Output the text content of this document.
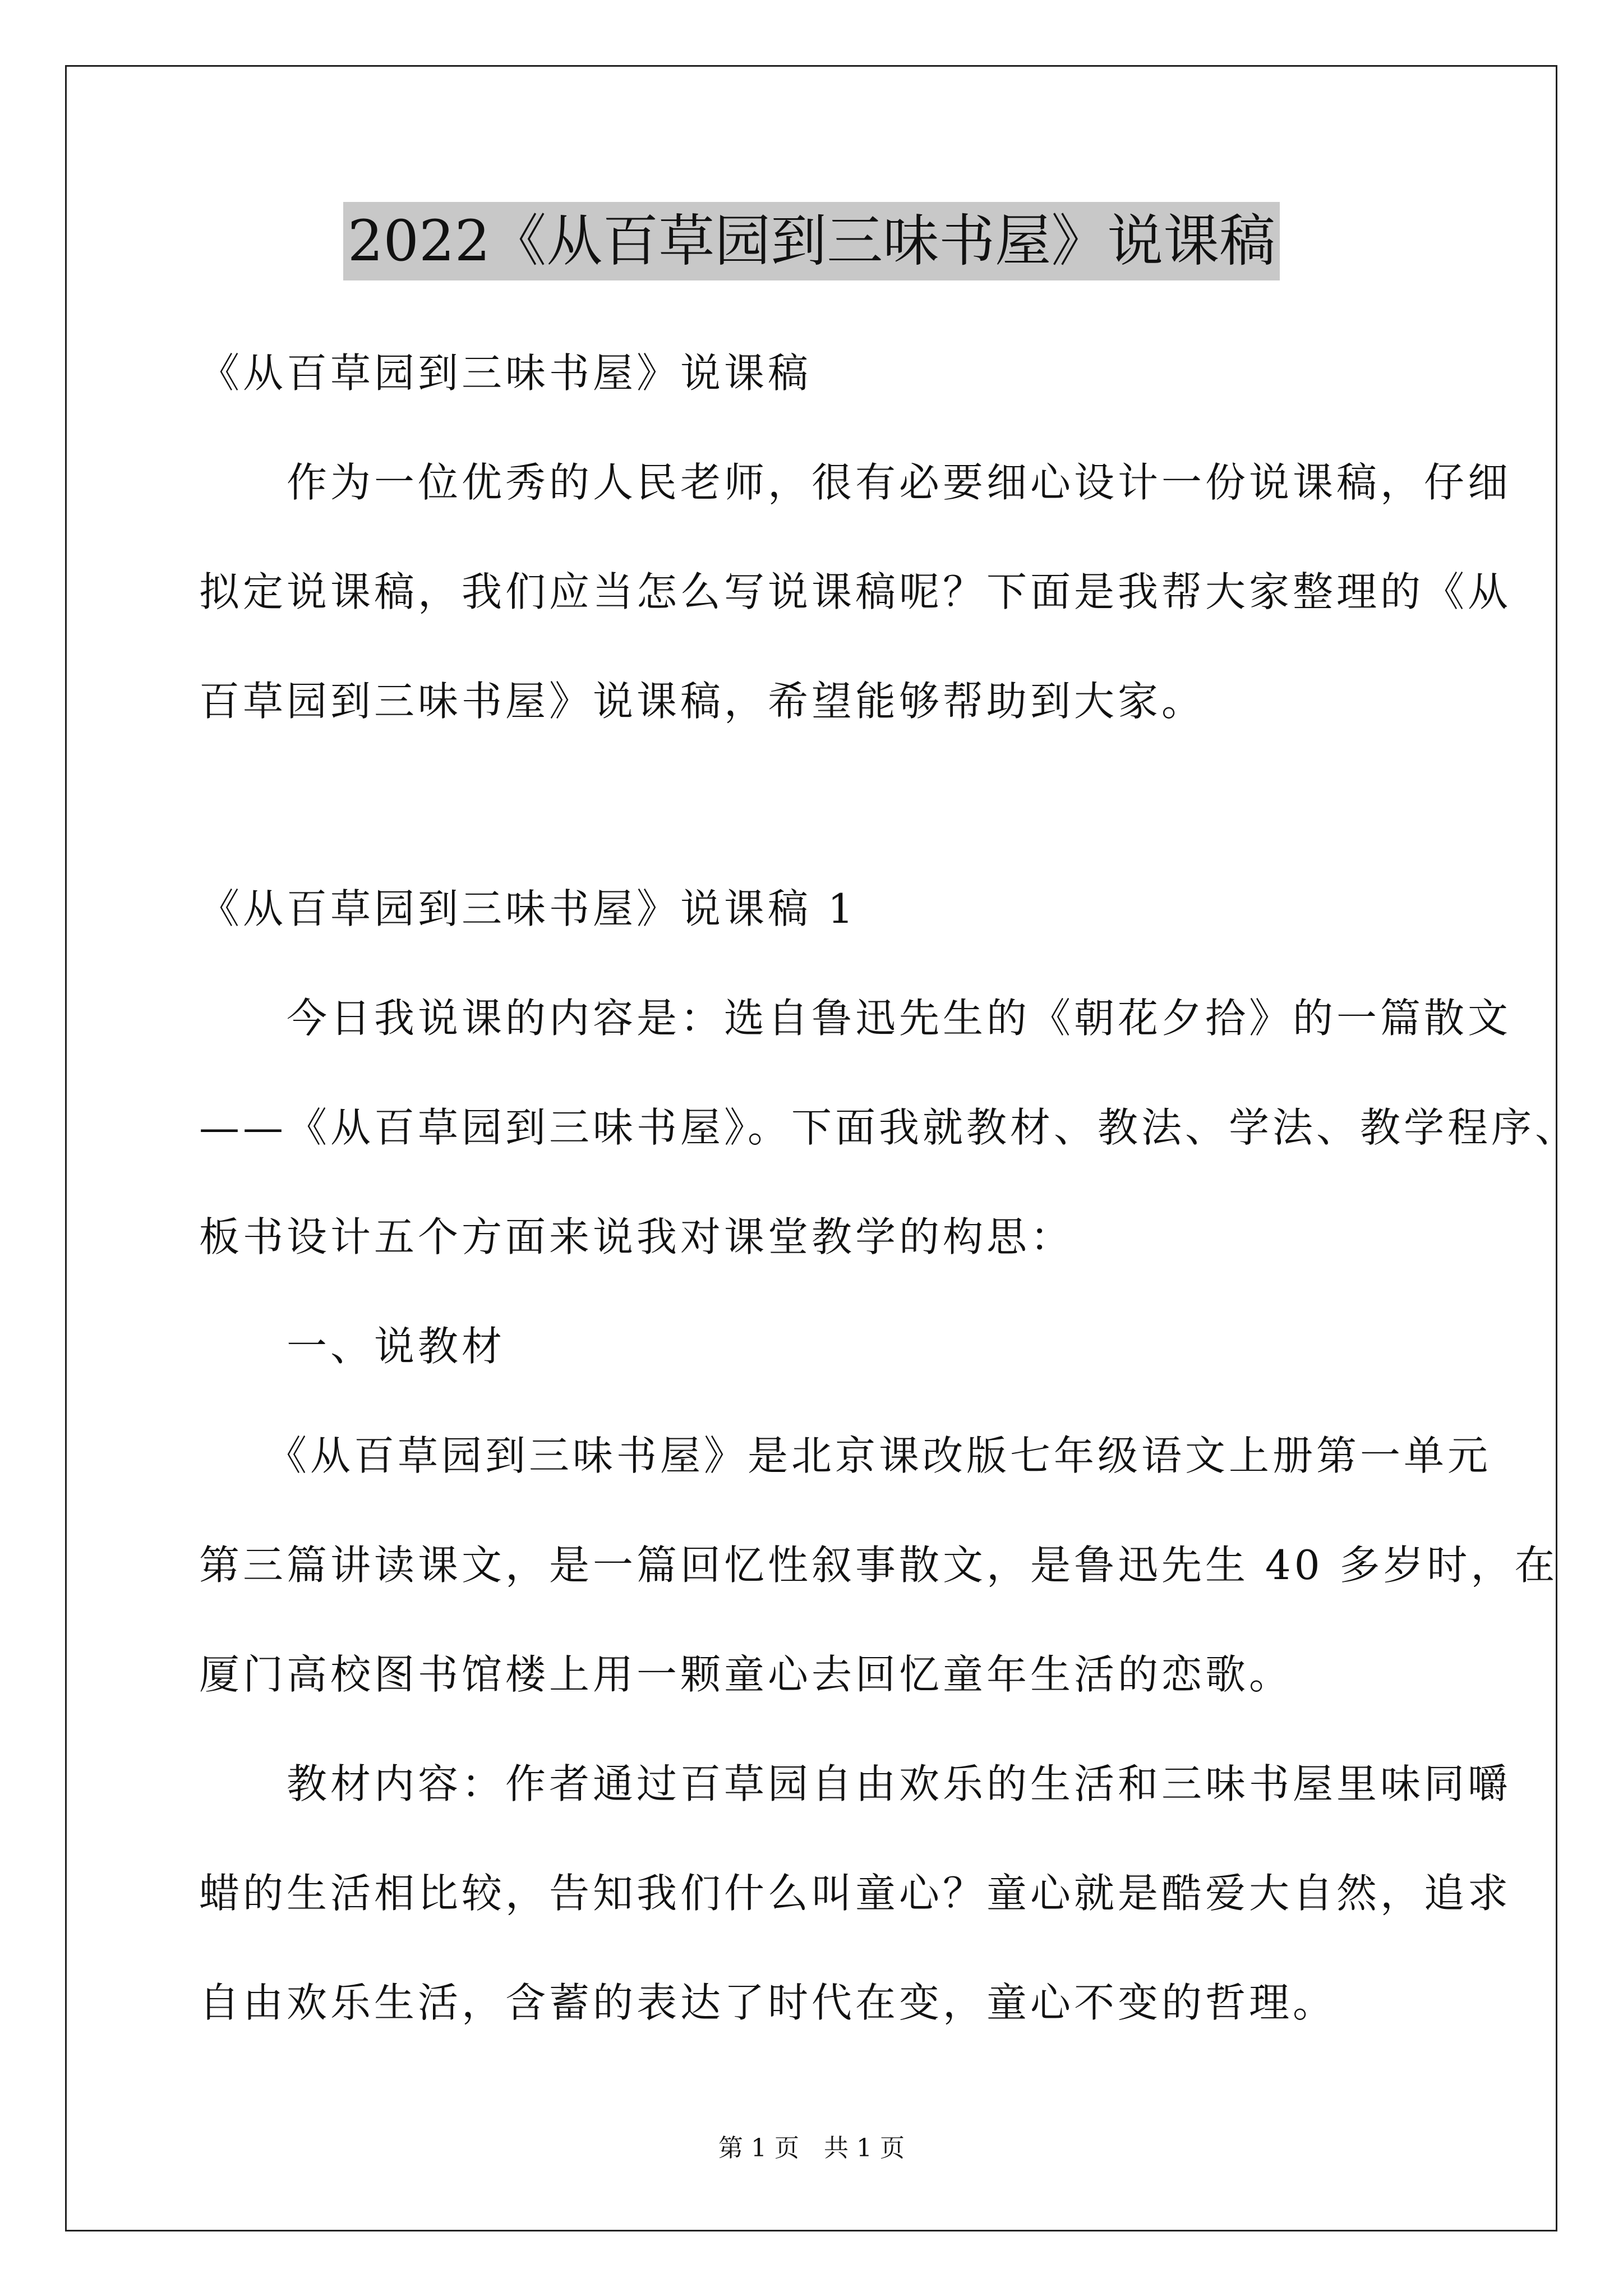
2022《从百草园到三味书屋》说课稿
《从百草园到三味书屋》说课稿
　　作为一位优秀的人民老师，很有必要细心设计一份说课稿，仔细
拟定说课稿，我们应当怎么写说课稿呢？下面是我帮大家整理的《从
百草园到三味书屋》说课稿，希望能够帮助到大家。
《从百草园到三味书屋》说课稿 1
　　今日我说课的内容是：选自鲁迅先生的《朝花夕拾》的一篇散文
——《从百草园到三味书屋》。下面我就教材、教法、学法、教学程序、
板书设计五个方面来说我对课堂教学的构思：
　　一、说教材
　　《从百草园到三味书屋》是北京课改版七年级语文上册第一单元
第三篇讲读课文，是一篇回忆性叙事散文，是鲁迅先生 40 多岁时，在
厦门高校图书馆楼上用一颗童心去回忆童年生活的恋歌。
　　教材内容：作者通过百草园自由欢乐的生活和三味书屋里味同嚼
蜡的生活相比较，告知我们什么叫童心？童心就是酷爱大自然，追求
自由欢乐生活，含蓄的表达了时代在变，童心不变的哲理。
第 1 页　共 1 页
